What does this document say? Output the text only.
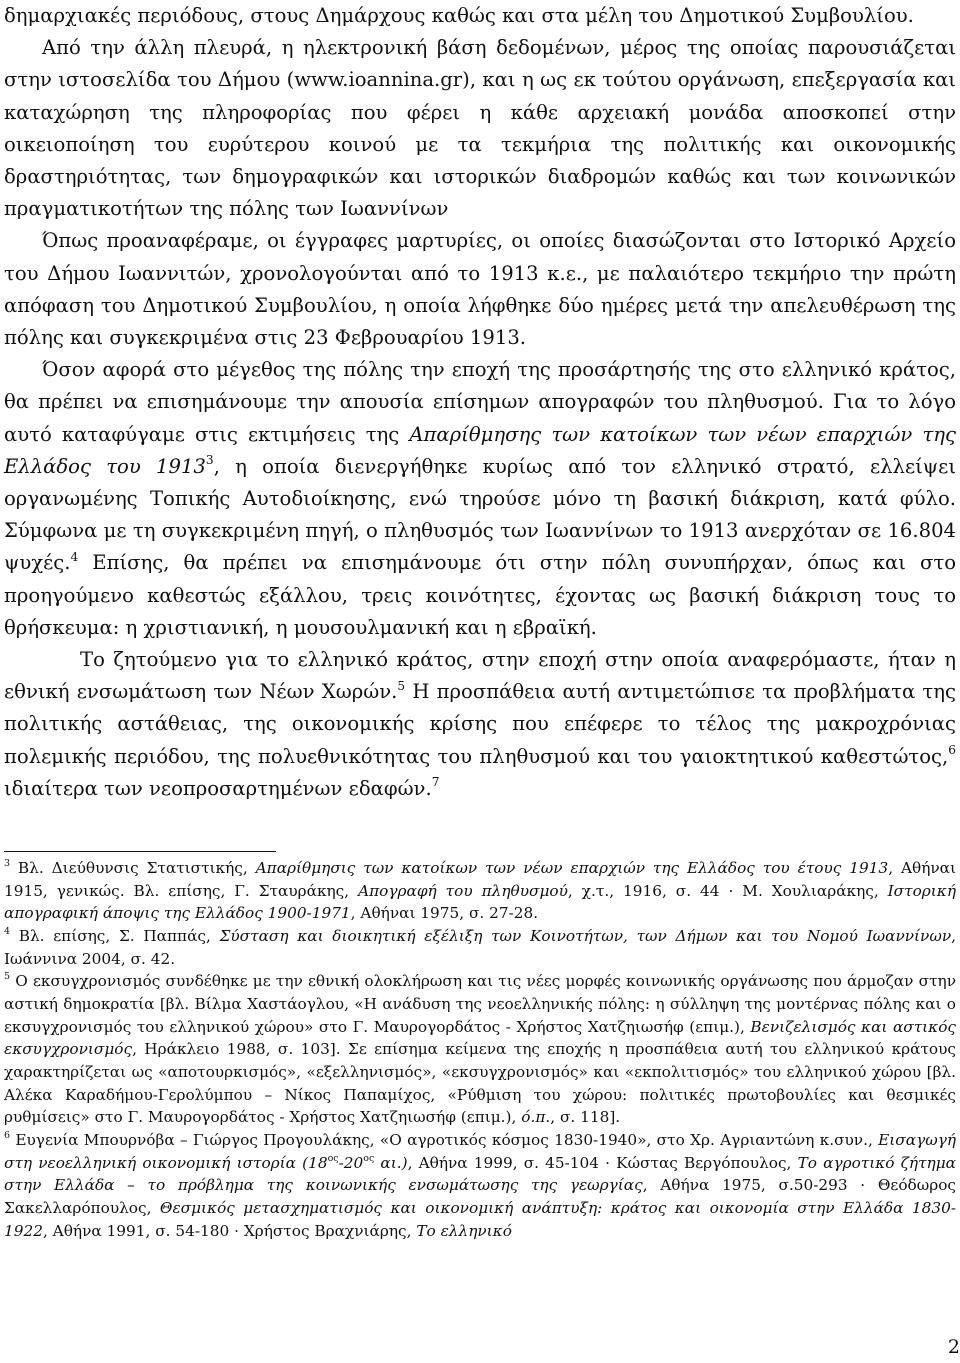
δημαρχιακές περιόδους, στους Δημάρχους καθώς και στα μέλη του Δημοτικού Συμβουλίου.

Από την άλλη πλευρά, η ηλεκτρονική βάση δεδομένων, μέρος της οποίας παρουσιάζεται στην ιστοσελίδα του Δήμου (www.ioannina.gr), και η ως εκ τούτου οργάνωση, επεξεργασία και καταχώρηση της πληροφορίας που φέρει η κάθε αρχειακή μονάδα αποσκοπεί στην οικειοποίηση του ευρύτερου κοινού με τα τεκμήρια της πολιτικής και οικονομικής δραστηριότητας, των δημογραφικών και ιστορικών διαδρομών καθώς και των κοινωνικών πραγματικοτήτων της πόλης των Ιωαννίνων

Όπως προαναφέραμε, οι έγγραφες μαρτυρίες, οι οποίες διασώζονται στο Ιστορικό Αρχείο του Δήμου Ιωαννιτών, χρονολογούνται από το 1913 κ.ε., με παλαιότερο τεκμήριο την πρώτη απόφαση του Δημοτικού Συμβουλίου, η οποία λήφθηκε δύο ημέρες μετά την απελευθέρωση της πόλης και συγκεκριμένα στις 23 Φεβρουαρίου 1913.

Όσον αφορά στο μέγεθος της πόλης την εποχή της προσάρτησής της στο ελληνικό κράτος, θα πρέπει να επισημάνουμε την απουσία επίσημων απογραφών του πληθυσμού. Για το λόγο αυτό καταφύγαμε στις εκτιμήσεις της Απαρίθμησης των κατοίκων των νέων επαρχιών της Ελλάδος του 1913$^3$, η οποία διενεργήθηκε κυρίως από τον ελληνικό στρατό, ελλείψει οργανωμένης Τοπικής Αυτοδιοίκησης, ενώ τηρούσε μόνο τη βασική διάκριση, κατά φύλο. Σύμφωνα με τη συγκεκριμένη πηγή, ο πληθυσμός των Ιωαννίνων το 1913 ανερχόταν σε 16.804 ψυχές.$^4$ Επίσης, θα πρέπει να επισημάνουμε ότι στην πόλη συνυπήρχαν, όπως και στο προηγούμενο καθεστώς εξάλλου, τρεις κοινότητες, έχοντας ως βασική διάκριση τους το θρήσκευμα: η χριστιανική, η μουσουλμανική και η εβραϊκή.

Το ζητούμενο για το ελληνικό κράτος, στην εποχή στην οποία αναφερόμαστε, ήταν η εθνική ενσωμάτωση των Νέων Χωρών.$^5$ Η προσπάθεια αυτή αντιμετώπισε τα προβλήματα της πολιτικής αστάθειας, της οικονομικής κρίσης που επέφερε το τέλος της μακροχρόνιας πολεμικής περιόδου, της πολυεθνικότητας του πληθυσμού και του γαιοκτητικού καθεστώτος,$^6$ ιδιαίτερα των νεοπροσαρτημένων εδαφών.$^7$

$^3$ Βλ. Διεύθυνσις Στατιστικής, Απαρίθμησις των κατοίκων των νέων επαρχιών της Ελλάδος του έτους 1913, Αθήναι 1915, γενικώς. Βλ. επίσης, Γ. Σταυράκης, Απογραφή του πληθυσμού, χ.τ., 1916, σ. 44 · Μ. Χουλιαράκης, Ιστορική απογραφική άποψις της Ελλάδος 1900-1971, Αθήναι 1975, σ. 27-28.

$^4$ Βλ. επίσης, Σ. Παππάς, Σύσταση και διοικητική εξέλιξη των Κοινοτήτων, των Δήμων και του Νομού Ιωαννίνων, Ιωάννινα 2004, σ. 42.

$^5$ Ο εκσυγχρονισμός συνδέθηκε με την εθνική ολοκλήρωση και τις νέες μορφές κοινωνικής οργάνωσης που άρμοζαν στην αστική δημοκρατία [βλ. Βίλμα Χαστάογλου, «Η ανάδυση της νεοελληνικής πόλης: η σύλληψη της μοντέρνας πόλης και ο εκσυγχρονισμός του ελληνικού χώρου» στο Γ. Μαυρογορδάτος - Χρήστος Χατζηιωσήφ (επιμ.), Βενιζελισμός και αστικός εκσυγχρονισμός, Ηράκλειο 1988, σ. 103]. Σε επίσημα κείμενα της εποχής η προσπάθεια αυτή του ελληνικού κράτους χαρακτηρίζεται ως «αποτουρκισμός», «εξελληνισμός», «εκσυγχρονισμός» και «εκπολιτισμός» του ελληνικού χώρου [βλ. Αλέκα Καραδήμου-Γερολύμπου – Νίκος Παπαμίχος, «Ρύθμιση του χώρου: πολιτικές πρωτοβουλίες και θεσμικές ρυθμίσεις» στο Γ. Μαυρογορδάτος - Χρήστος Χατζηιωσήφ (επιμ.), ό.π., σ. 118].

$^6$ Ευγενία Μπουρνόβα – Γιώργος Προγουλάκης, «Ο αγροτικός κόσμος 1830-1940», στο Χρ. Αγριαντώνη κ.συν., Εισαγωγή στη νεοελληνική οικονομική ιστορία ($18^{o\varsigma}-20^{o\varsigma}$ αι.), Αθήνα 1999, σ. 45-104 · Κώστας Βεργόπουλος, Το αγροτικό ζήτημα στην Ελλάδα – το πρόβλημα της κοινωνικής ενσωμάτωσης της γεωργίας, Αθήνα 1975, σ.50-293 · Θεόδωρος Σακελλαρόπουλος, Θεσμικός μετασχηματισμός και οικονομική ανάπτυξη: κράτος και οικονομία στην Ελλάδα 1830-1922, Αθήνα 1991, σ. 54-180 · Χρήστος Βραχνιάρης, Το ελληνικό

2
